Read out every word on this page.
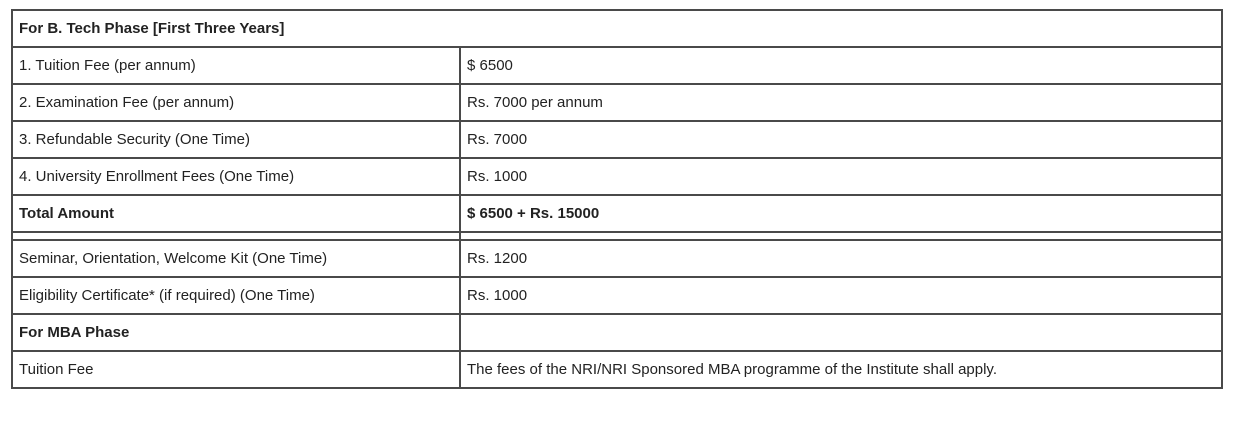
For B. Tech Phase [First Three Years]	
1. Tuition Fee (per annum)	$ 6500
2. Examination Fee (per annum)	Rs. 7000 per annum
3. Refundable Security (One Time)	Rs. 7000
4. University Enrollment Fees (One Time)	Rs. 1000
Total Amount	$ 6500 + Rs. 15000

Seminar, Orientation, Welcome Kit (One Time)	Rs. 1200
Eligibility Certificate* (if required) (One Time)	Rs. 1000
For MBA Phase	
Tuition Fee	The fees of the NRI/NRI Sponsored MBA programme of the Institute shall apply.
